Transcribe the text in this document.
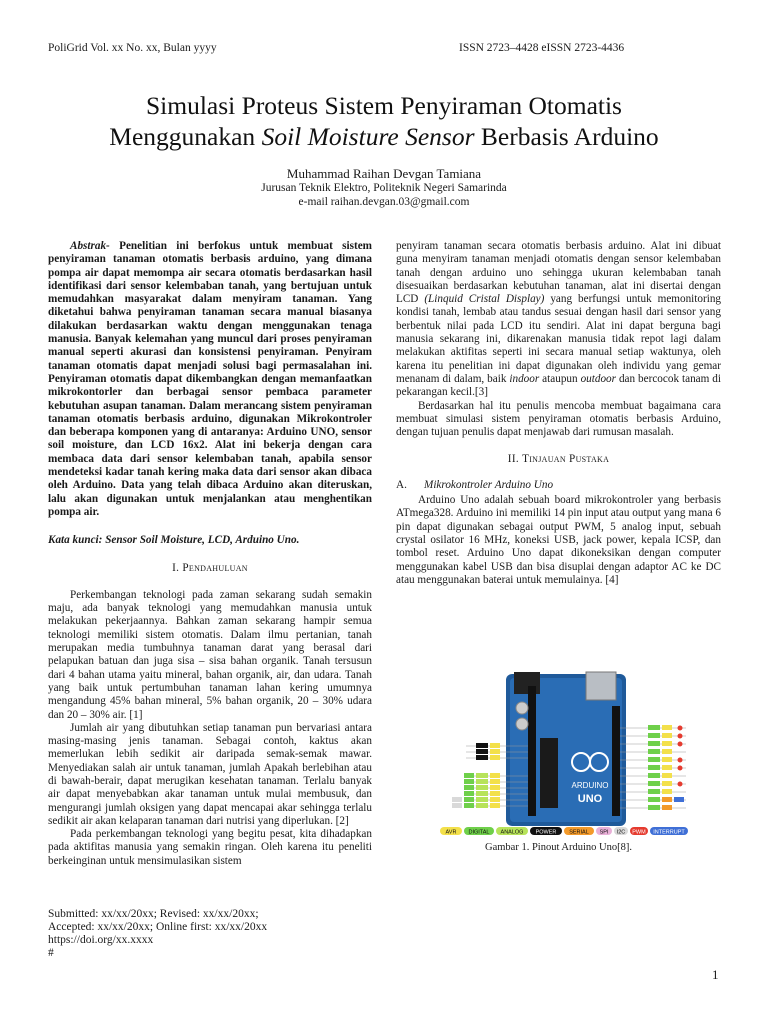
PoliGrid Vol. xx No. xx, Bulan yyyy	ISSN 2723–4428 eISSN 2723-4436
Simulasi Proteus Sistem Penyiraman Otomatis
Menggunakan Soil Moisture Sensor Berbasis Arduino
Muhammad Raihan Devgan Tamiana
Jurusan Teknik Elektro, Politeknik Negeri Samarinda
e-mail raihan.devgan.03@gmail.com

Abstrak- Penelitian ini berfokus untuk membuat sistem penyiraman tanaman otomatis berbasis arduino, yang dimana pompa air dapat memompa air secara otomatis berdasarkan hasil identifikasi dari sensor kelembaban tanah, yang bertujuan untuk memudahkan masyarakat dalam menyiram tanaman. Yang diketahui bahwa penyiraman tanaman secara manual biasanya dilakukan berdasarkan waktu dengan menggunakan tenaga manusia. Banyak kelemahan yang muncul dari proses penyiraman manual seperti akurasi dan konsistensi penyiraman. Penyiram tanaman otomatis dapat menjadi solusi bagi permasalahan ini. Penyiraman otomatis dapat dikembangkan dengan memanfaatkan mikrokontorler dan berbagai sensor pembaca parameter kebutuhan asupan tanaman. Dalam merancang sistem penyiraman tanaman otomatis berbasis arduino, digunakan Mikrokontroler dan beberapa komponen yang di antaranya: Arduino UNO, sensor soil moisture, dan LCD 16x2. Alat ini bekerja dengan cara membaca data dari sensor kelembaban tanah, apabila sensor mendeteksi kadar tanah kering maka data dari sensor akan dibaca oleh Arduino. Data yang telah dibaca Arduino akan diteruskan, lalu akan digunakan untuk menjalankan atau menghentikan pompa air.

Kata kunci: Sensor Soil Moisture, LCD, Arduino Uno.

I. Pendahuluan

Perkembangan teknologi pada zaman sekarang sudah semakin maju, ada banyak teknologi yang memudahkan manusia untuk melakukan pekerjaannya. Bahkan zaman sekarang hampir semua teknologi memiliki sistem otomatis. Dalam ilmu pertanian, tanah merupakan media tumbuhnya tanaman darat yang berasal dari pelapukan batuan dan juga sisa – sisa bahan organik. Tanah tersusun dari 4 bahan utama yaitu mineral, bahan organik, air, dan udara. Tanah yang baik untuk pertumbuhan tanaman lahan kering umumnya mengandung 45% bahan mineral, 5% bahan organik, 20 – 30% udara dan 20 – 30% air. [1]

Jumlah air yang dibutuhkan setiap tanaman pun bervariasi antara masing-masing jenis tanaman. Sebagai contoh, kaktus akan memerlukan lebih sedikit air daripada semak-semak mawar. Menyediakan salah air untuk tanaman, jumlah Apakah berlebihan atau di bawah-berair, dapat merugikan kesehatan tanaman. Terlalu banyak air dapat menyebabkan akar tanaman untuk mulai membusuk, dan mengurangi jumlah oksigen yang dapat mencapai akar sehingga terlalu sedikit air akan kelaparan tanaman dari nutrisi yang diperlukan. [2]

Pada perkembangan teknologi yang begitu pesat, kita dihadapkan pada aktifitas manusia yang semakin ringan. Oleh karena itu peneliti berkeinginan untuk mensimulasikan sistem

penyiram tanaman secara otomatis berbasis arduino. Alat ini dibuat guna menyiram tanaman menjadi otomatis dengan sensor kelembaban tanah dengan arduino uno sehingga ukuran kelembaban tanah disesuaikan berdasarkan kebutuhan tanaman, alat ini disertai dengan LCD (Linquid Cristal Display) yang berfungsi untuk memonitoring kondisi tanah, lembab atau tandus sesuai dengan hasil dari sensor yang berbentuk nilai pada LCD itu sendiri. Alat ini dapat berguna bagi manusia sekarang ini, dikarenakan manusia tidak repot lagi dalam melakukan aktifitas seperti ini secara manual setiap waktunya, oleh karena itu penelitian ini dapat digunakan oleh individu yang gemar menanam di dalam, baik indoor ataupun outdoor dan bercocok tanam di pekarangan kecil.[3]

Berdasarkan hal itu penulis mencoba membuat bagaimana cara membuat simulasi sistem penyiraman otomatis berbasis Arduino, dengan tujuan penulis dapat menjawab dari rumusan masalah.

II. Tinjauan Pustaka
A. Mikrokontroler Arduino Uno

Arduino Uno adalah sebuah board mikrokontroler yang berbasis ATmega328. Arduino ini memiliki 14 pin input atau output yang mana 6 pin dapat digunakan sebagai output PWM, 5 analog input, sebuah crystal osilator 16 MHz, koneksi USB, jack power, kepala ICSP, dan tombol reset. Arduino Uno dapat dikoneksikan dengan computer menggunakan kabel USB dan bisa disuplai dengan adaptor AC ke DC atau menggunakan baterai untuk memulainya. [4]

ARDUINO
UNO
AVR DIGITAL ANALOG POWER SERIAL SPI I2C PWM INTERRUPT
Gambar 1. Pinout Arduino Uno[8].
Submitted: xx/xx/20xx; Revised: xx/xx/20xx;
Accepted: xx/xx/20xx; Online first: xx/xx/20xx
https://doi.org/xx.xxxx
#
1
